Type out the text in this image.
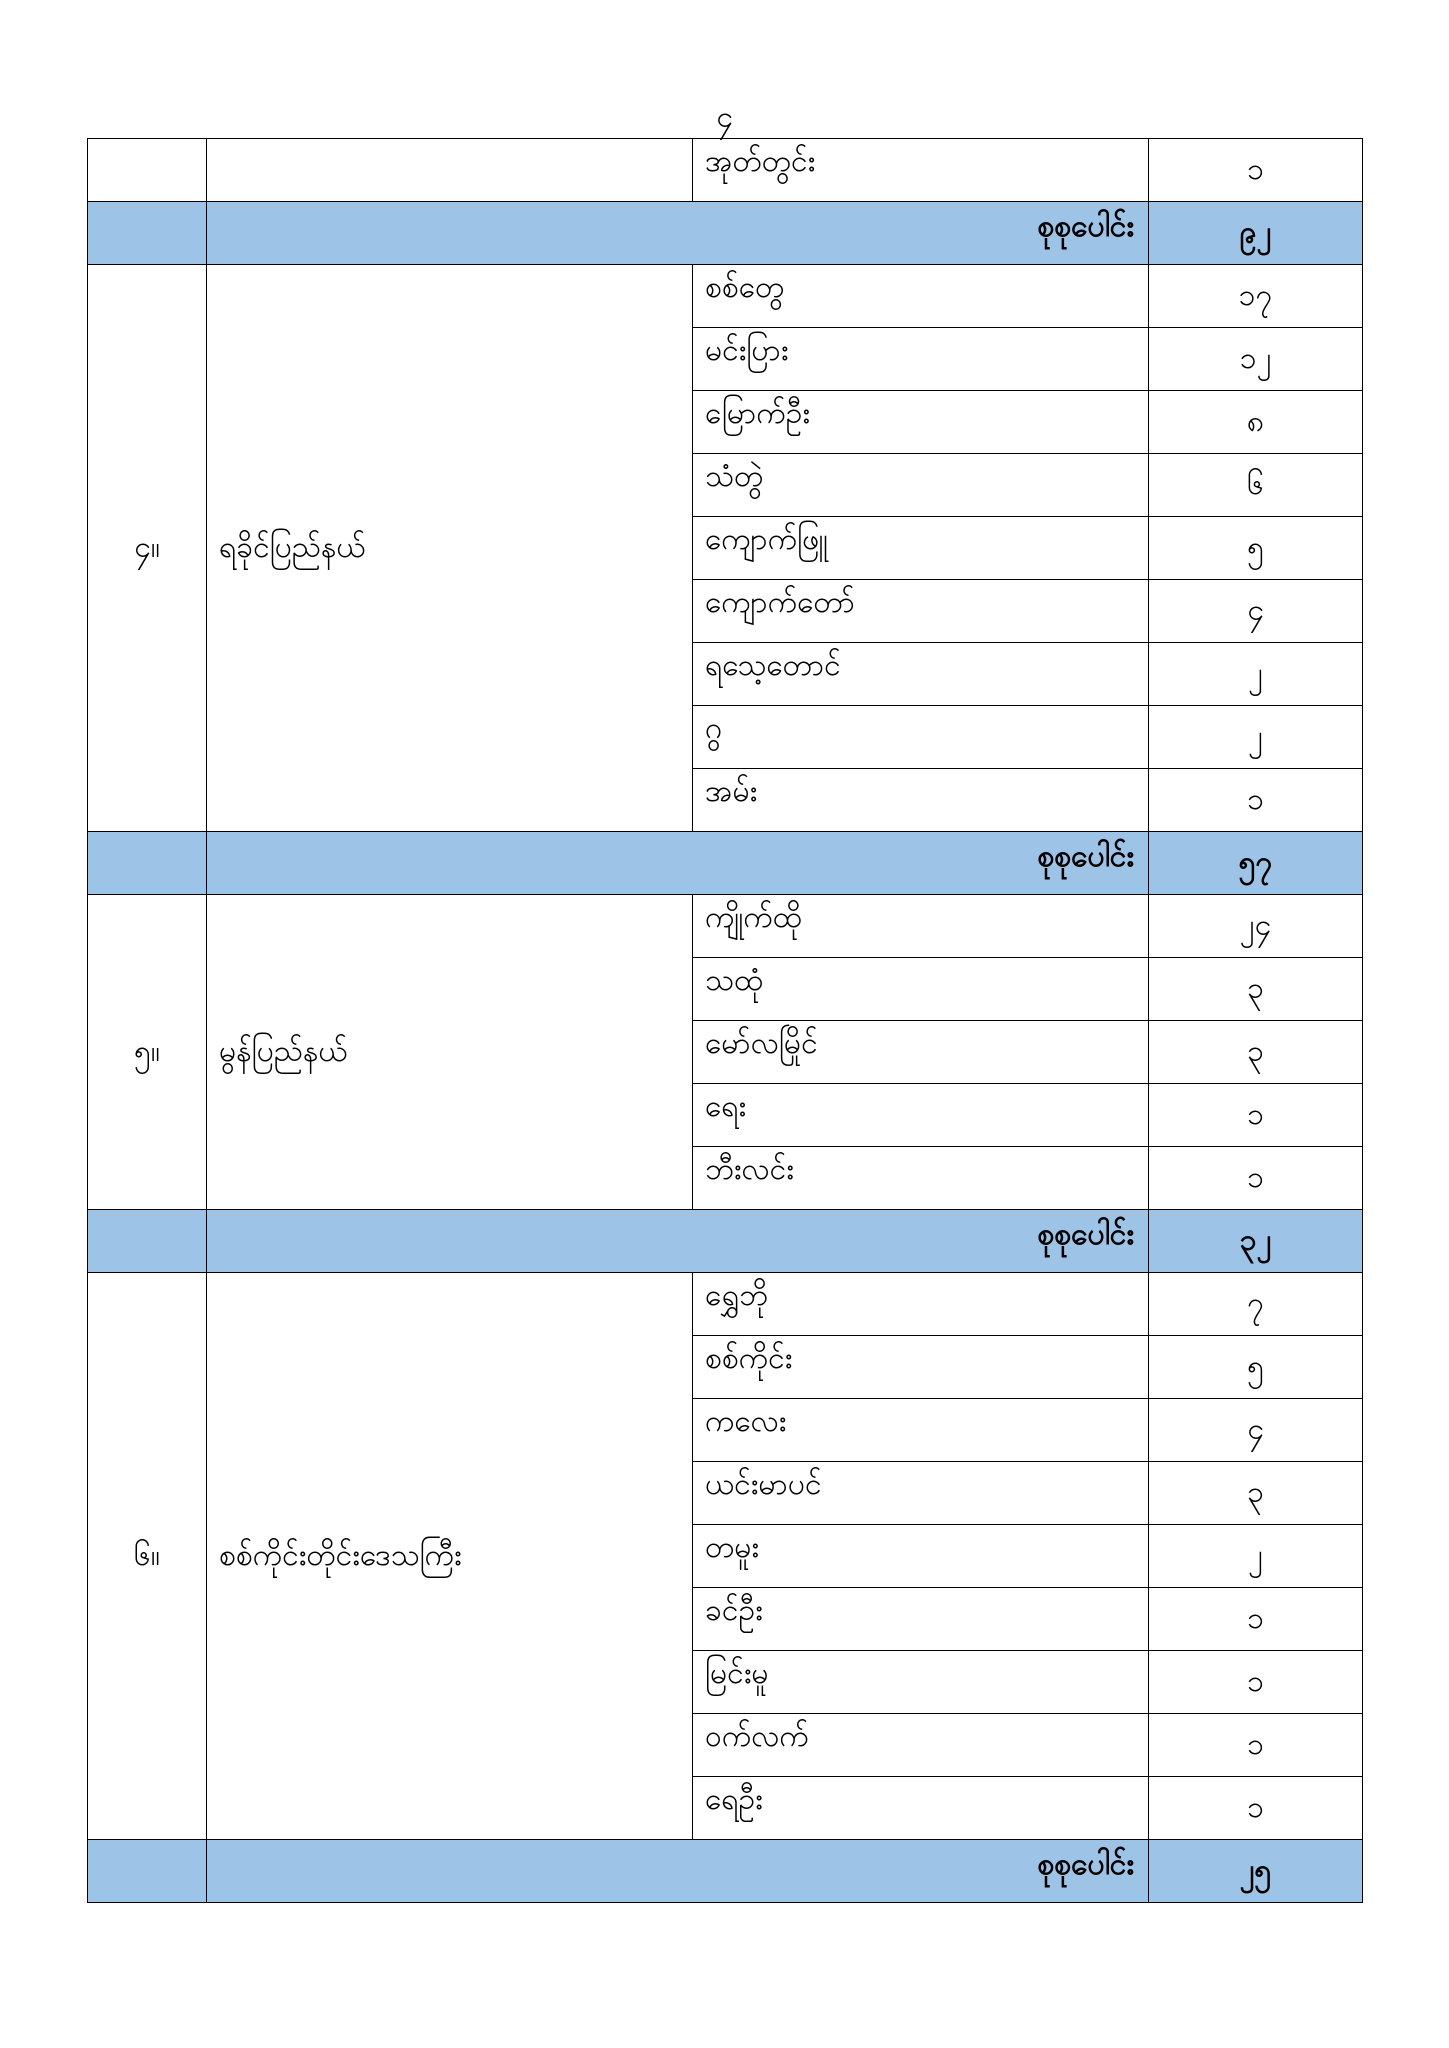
၄
		အုတ်တွင်း	၁
	စုစုပေါင်း		၉၂
၄။	ရခိုင်ပြည်နယ်	စစ်တွေ	၁၇
		မင်းပြား	၁၂
		မြောက်ဦး	၈
		သံတွဲ	၆
		ကျောက်ဖြူ	၅
		ကျောက်တော်	၄
		ရသေ့တောင်	၂
		ဂွ	၂
		အမ်း	၁
	စုစုပေါင်း		၅၇
၅။	မွန်ပြည်နယ်	ကျိုက်ထို	၂၄
		သထုံ	၃
		မော်လမြိုင်	၃
		ရေး	၁
		ဘီးလင်း	၁
	စုစုပေါင်း		၃၂
၆။	စစ်ကိုင်းတိုင်းဒေသကြီး	ရွှေဘို	၇
		စစ်ကိုင်း	၅
		ကလေး	၄
		ယင်းမာပင်	၃
		တမူး	၂
		ခင်ဦး	၁
		မြင်းမူ	၁
		ဝက်လက်	၁
		ရေဦး	၁
	စုစုပေါင်း		၂၅
